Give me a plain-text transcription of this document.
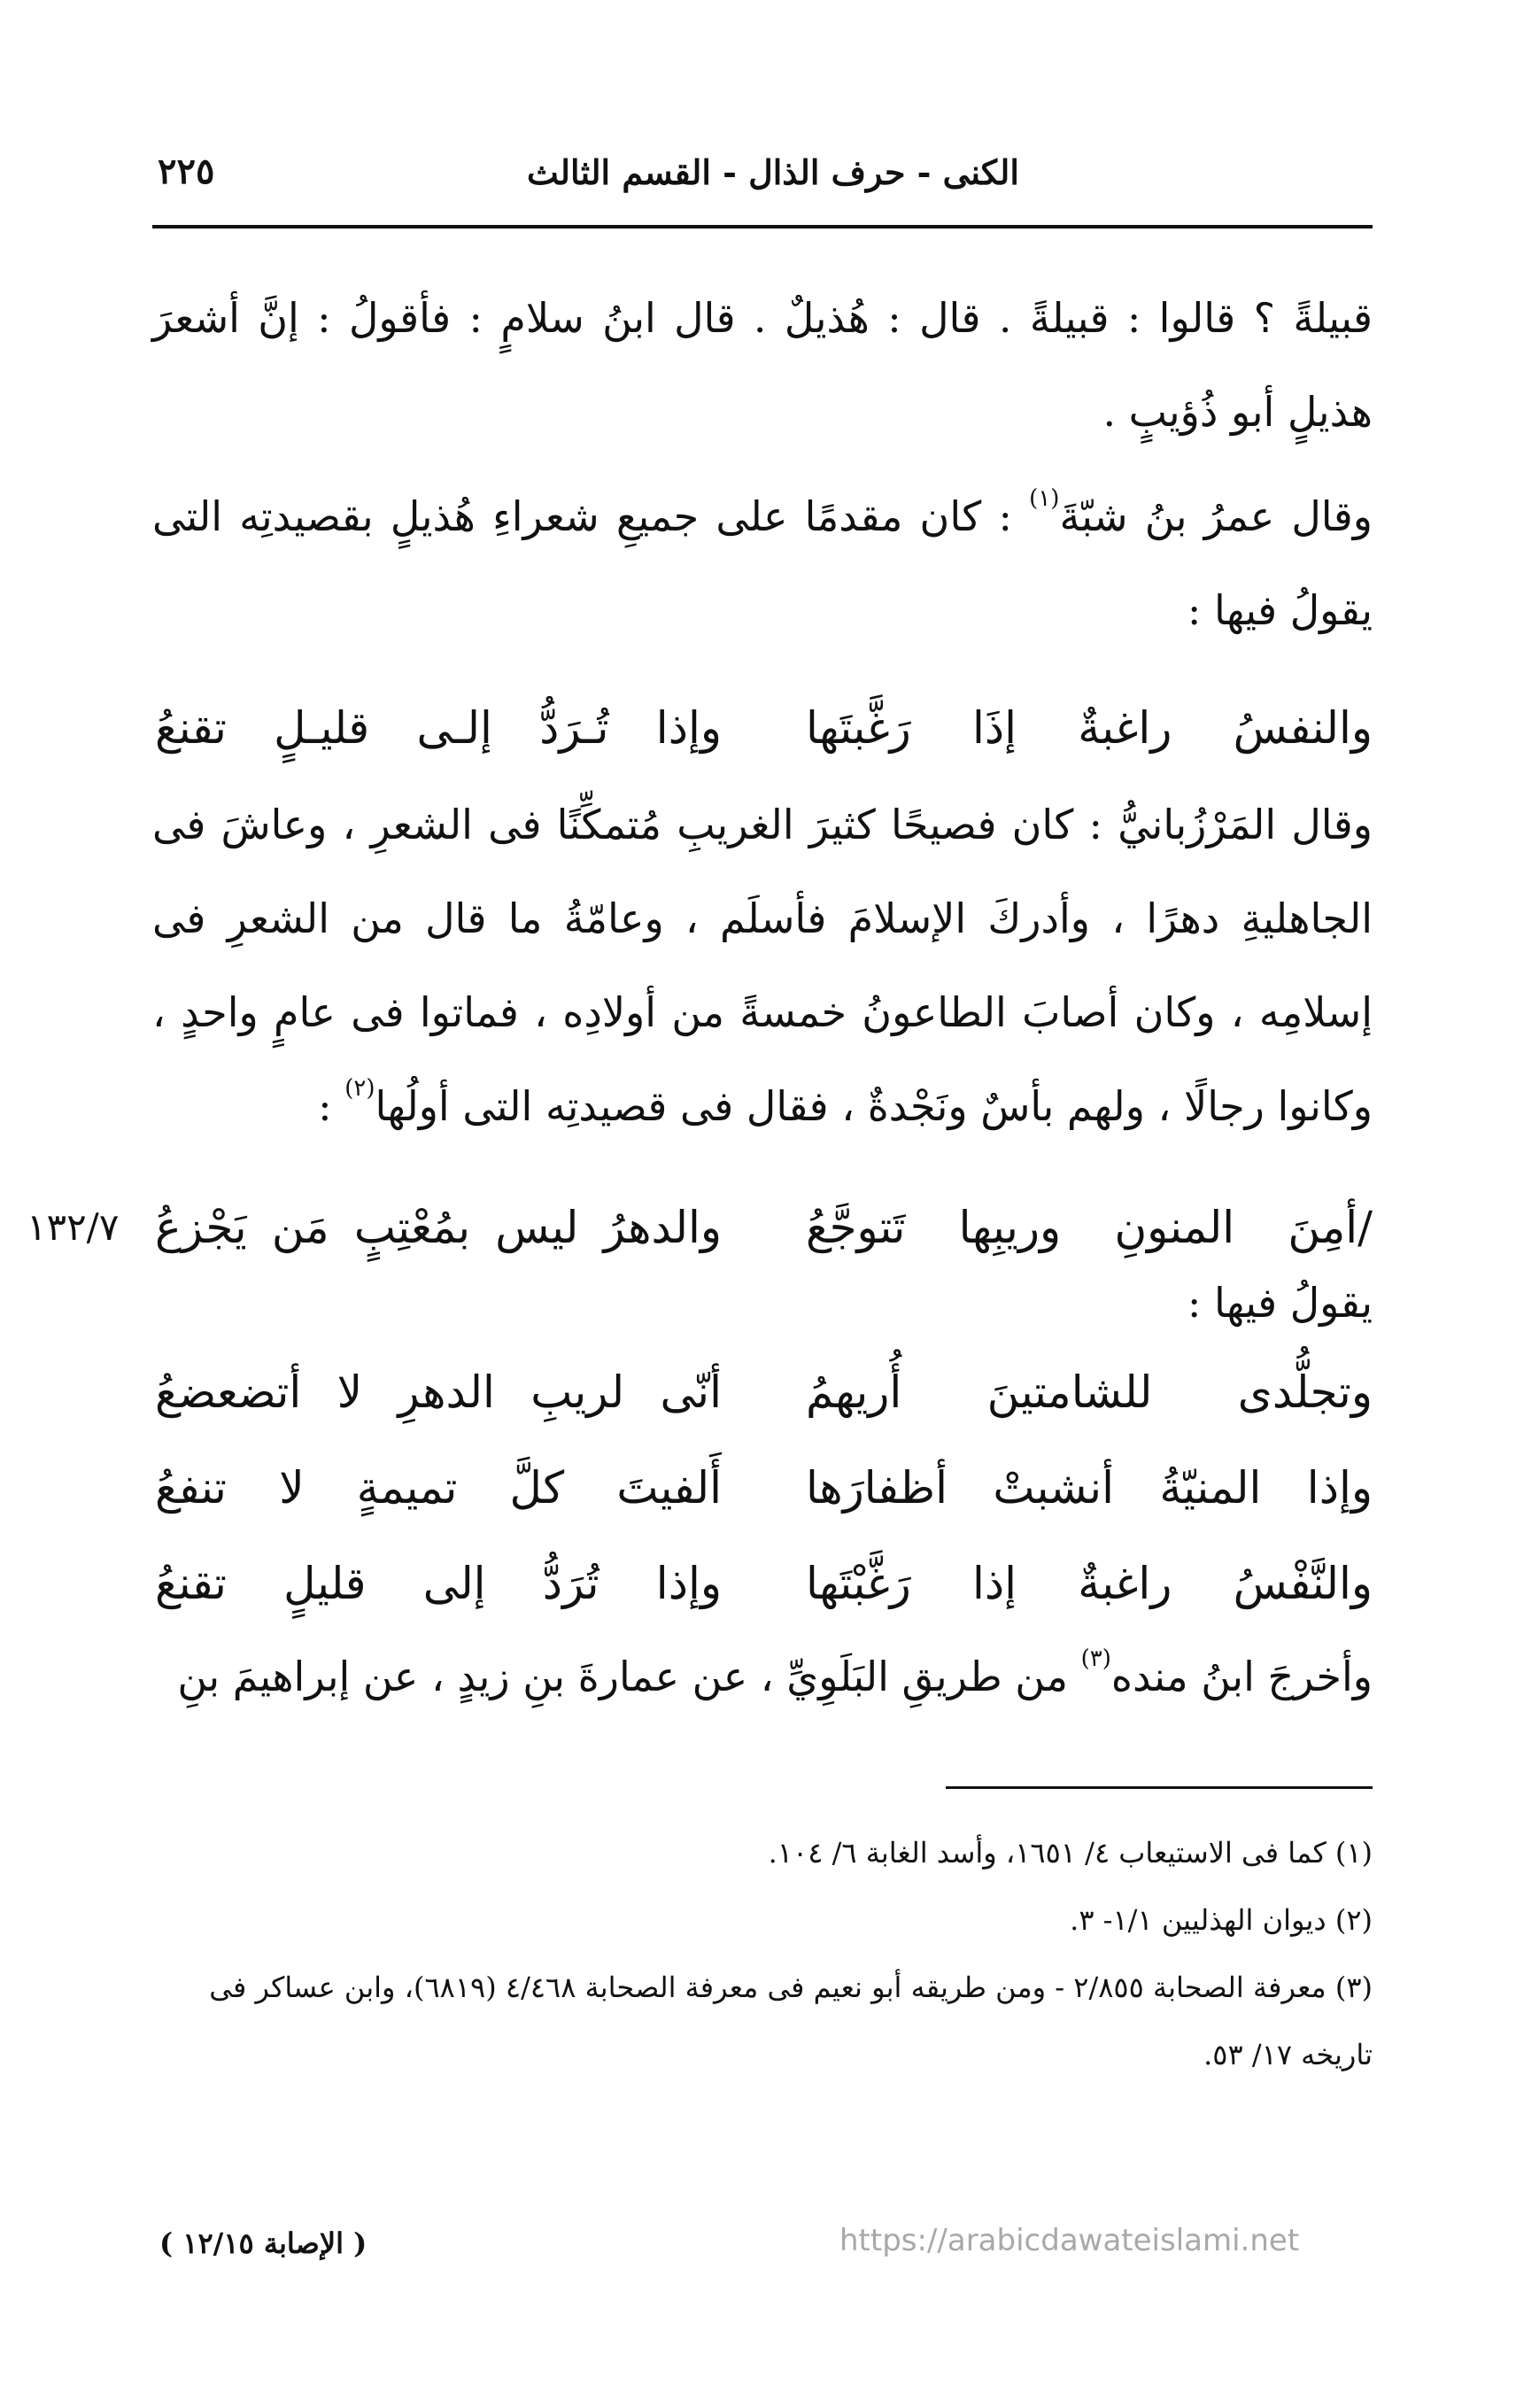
٢٢٥	الكنى - حرف الذال - القسم الثالث
قبيلةً ؟ قالوا : قبيلةً . قال : هُذيلٌ . قال ابنُ سلامٍ : فأقولُ : إنَّ أشعرَ هذيلٍ أبو ذُؤيبٍ .
وقال عمرُ بنُ شبّةَ$^{(١)}$ : كان مقدمًا على جميعِ شعراءِ هُذيلٍ بقصيدتِه التى يقولُ فيها :
والنفسُ راغبةٌ إذَا رَغَّبتَها
وإذا تُـرَدُّ إلـى قليـلٍ تقنعُ
وقال المَرْزُبانيُّ : كان فصيحًا كثيرَ الغريبِ مُتمكِّنًا فى الشعرِ ، وعاشَ فى الجاهليةِ دهرًا ، وأدركَ الإسلامَ فأسلَم ، وعامّةُ ما قال من الشعرِ فى إسلامِه ، وكان أصابَ الطاعونُ خمسةً من أولادِه ، فماتوا فى عامٍ واحدٍ ، وكانوا رجالًا ، ولهم بأسٌ ونَجْدةٌ ، فقال فى قصيدتِه التى أولُها$^{(٢)}$ :
١٣٢/٧	/أمِنَ المنونِ وريبِها تَتوجَّعُ
والدهرُ ليس بمُعْتِبٍ مَن يَجْزعُ
يقولُ فيها :
وتجلُّدى للشامتينَ أُريهمُ
أنّى لريبِ الدهرِ لا أتضعضعُ
وإذا المنيّةُ أنشبتْ أظفارَها
أَلفيتَ كلَّ تميمةٍ لا تنفعُ
والنَّفْسُ راغبةٌ إذا رَغَّبْتَها
وإذا تُرَدُّ إلى قليلٍ تقنعُ
وأخرجَ ابنُ منده$^{(٣)}$ من طريقِ البَلَوِيِّ ، عن عمارةَ بنِ زيدٍ ، عن إبراهيمَ بنِ
(١) كما فى الاستيعاب ٤/ ١٦٥١، وأسد الغابة ٦/ ١٠٤.
(٢) ديوان الهذليين ١/١- ٣.
(٣) معرفة الصحابة ٢/٨٥٥ - ومن طريقه أبو نعيم فى معرفة الصحابة ٤/٤٦٨ (٦٨١٩)، وابن عساكر فى تاريخه ١٧/ ٥٣.
( الإصابة ١٢/١٥ )	https://arabicdawateislami.net
